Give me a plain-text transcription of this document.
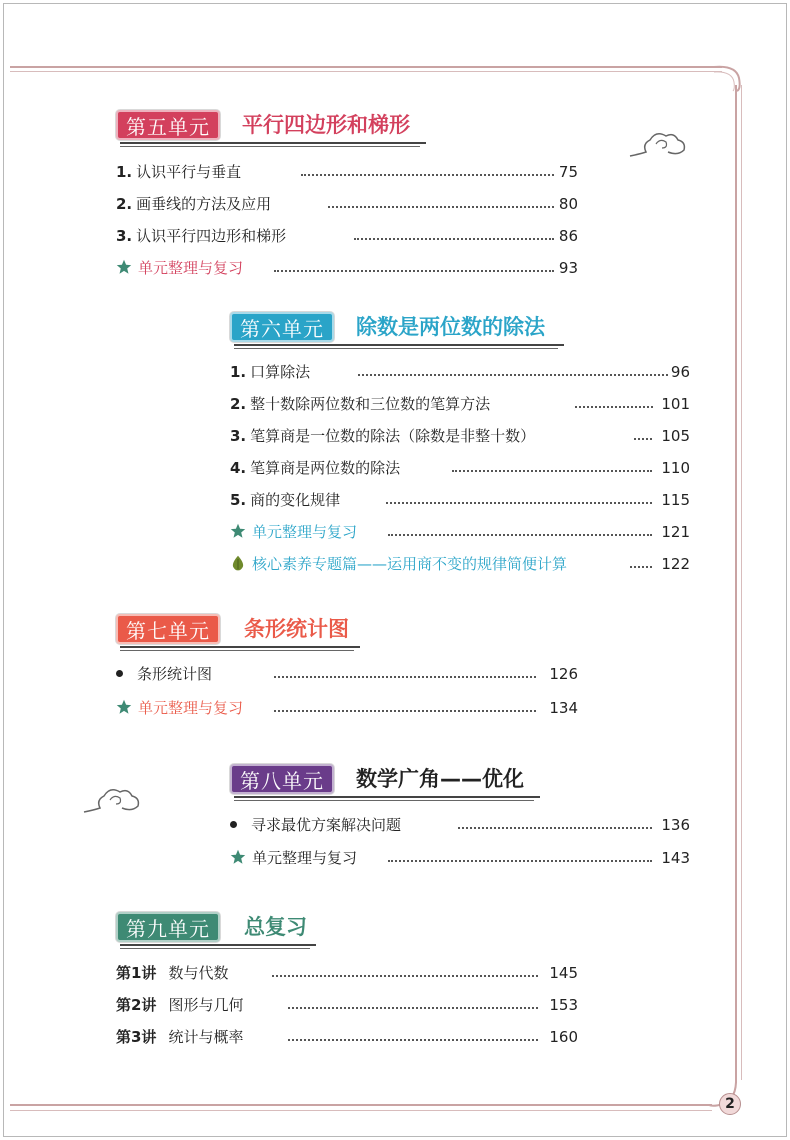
第五单元	平行四边形和梯形
1. 认识平行与垂直	75
2. 画垂线的方法及应用	80
3. 认识平行四边形和梯形	86
单元整理与复习	93
第六单元	除数是两位数的除法
1. 口算除法	96
2. 整十数除两位数和三位数的笔算方法	101
3. 笔算商是一位数的除法（除数是非整十数）	105
4. 笔算商是两位数的除法	110
5. 商的变化规律	115
单元整理与复习	121
核心素养专题篇——运用商不变的规律简便计算	122
第七单元	条形统计图
条形统计图	126
单元整理与复习	134
第八单元	数学广角——优化
寻求最优方案解决问题	136
单元整理与复习	143
第九单元	总复习
第1讲 数与代数	145
第2讲 图形与几何	153
第3讲 统计与概率	160
2
